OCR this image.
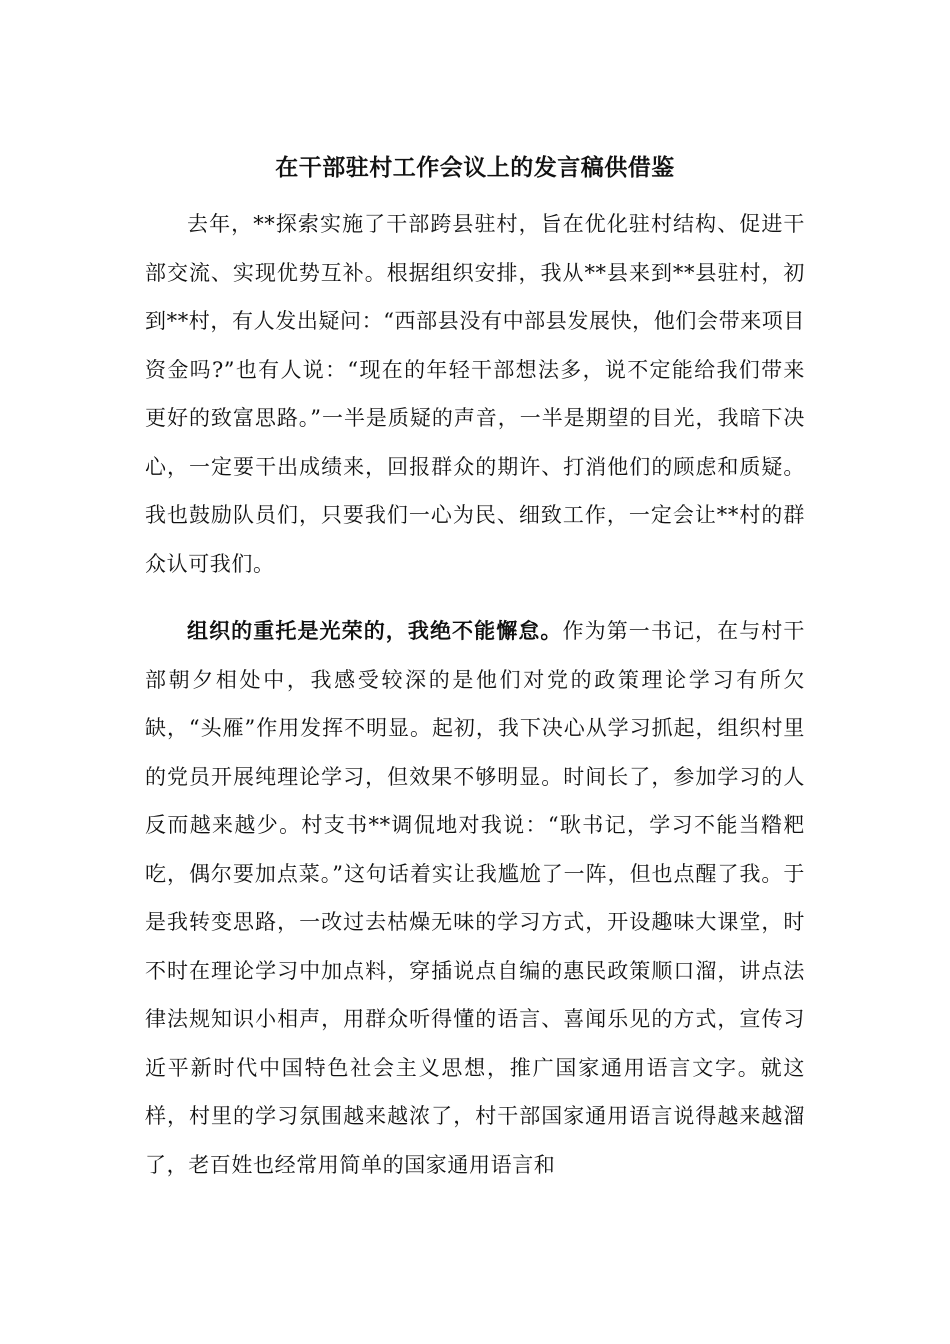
在干部驻村工作会议上的发言稿供借鉴

去年，**探索实施了干部跨县驻村，旨在优化驻村结构、促进干部交流、实现优势互补。根据组织安排，我从**县来到**县驻村，初到**村，有人发出疑问：“西部县没有中部县发展快，他们会带来项目资金吗?”也有人说：“现在的年轻干部想法多，说不定能给我们带来更好的致富思路。”一半是质疑的声音，一半是期望的目光，我暗下决心，一定要干出成绩来，回报群众的期许、打消他们的顾虑和质疑。我也鼓励队员们，只要我们一心为民、细致工作，一定会让**村的群众认可我们。

组织的重托是光荣的，我绝不能懈怠。作为第一书记，在与村干部朝夕相处中，我感受较深的是他们对党的政策理论学习有所欠缺，“头雁”作用发挥不明显。起初，我下决心从学习抓起，组织村里的党员开展纯理论学习，但效果不够明显。时间长了，参加学习的人反而越来越少。村支书**调侃地对我说：“耿书记，学习不能当糌粑吃，偶尔要加点菜。”这句话着实让我尴尬了一阵，但也点醒了我。于是我转变思路，一改过去枯燥无味的学习方式，开设趣味大课堂，时不时在理论学习中加点料，穿插说点自编的惠民政策顺口溜，讲点法律法规知识小相声，用群众听得懂的语言、喜闻乐见的方式，宣传习近平新时代中国特色社会主义思想，推广国家通用语言文字。就这样，村里的学习氛围越来越浓了，村干部国家通用语言说得越来越溜了，老百姓也经常用简单的国家通用语言和
